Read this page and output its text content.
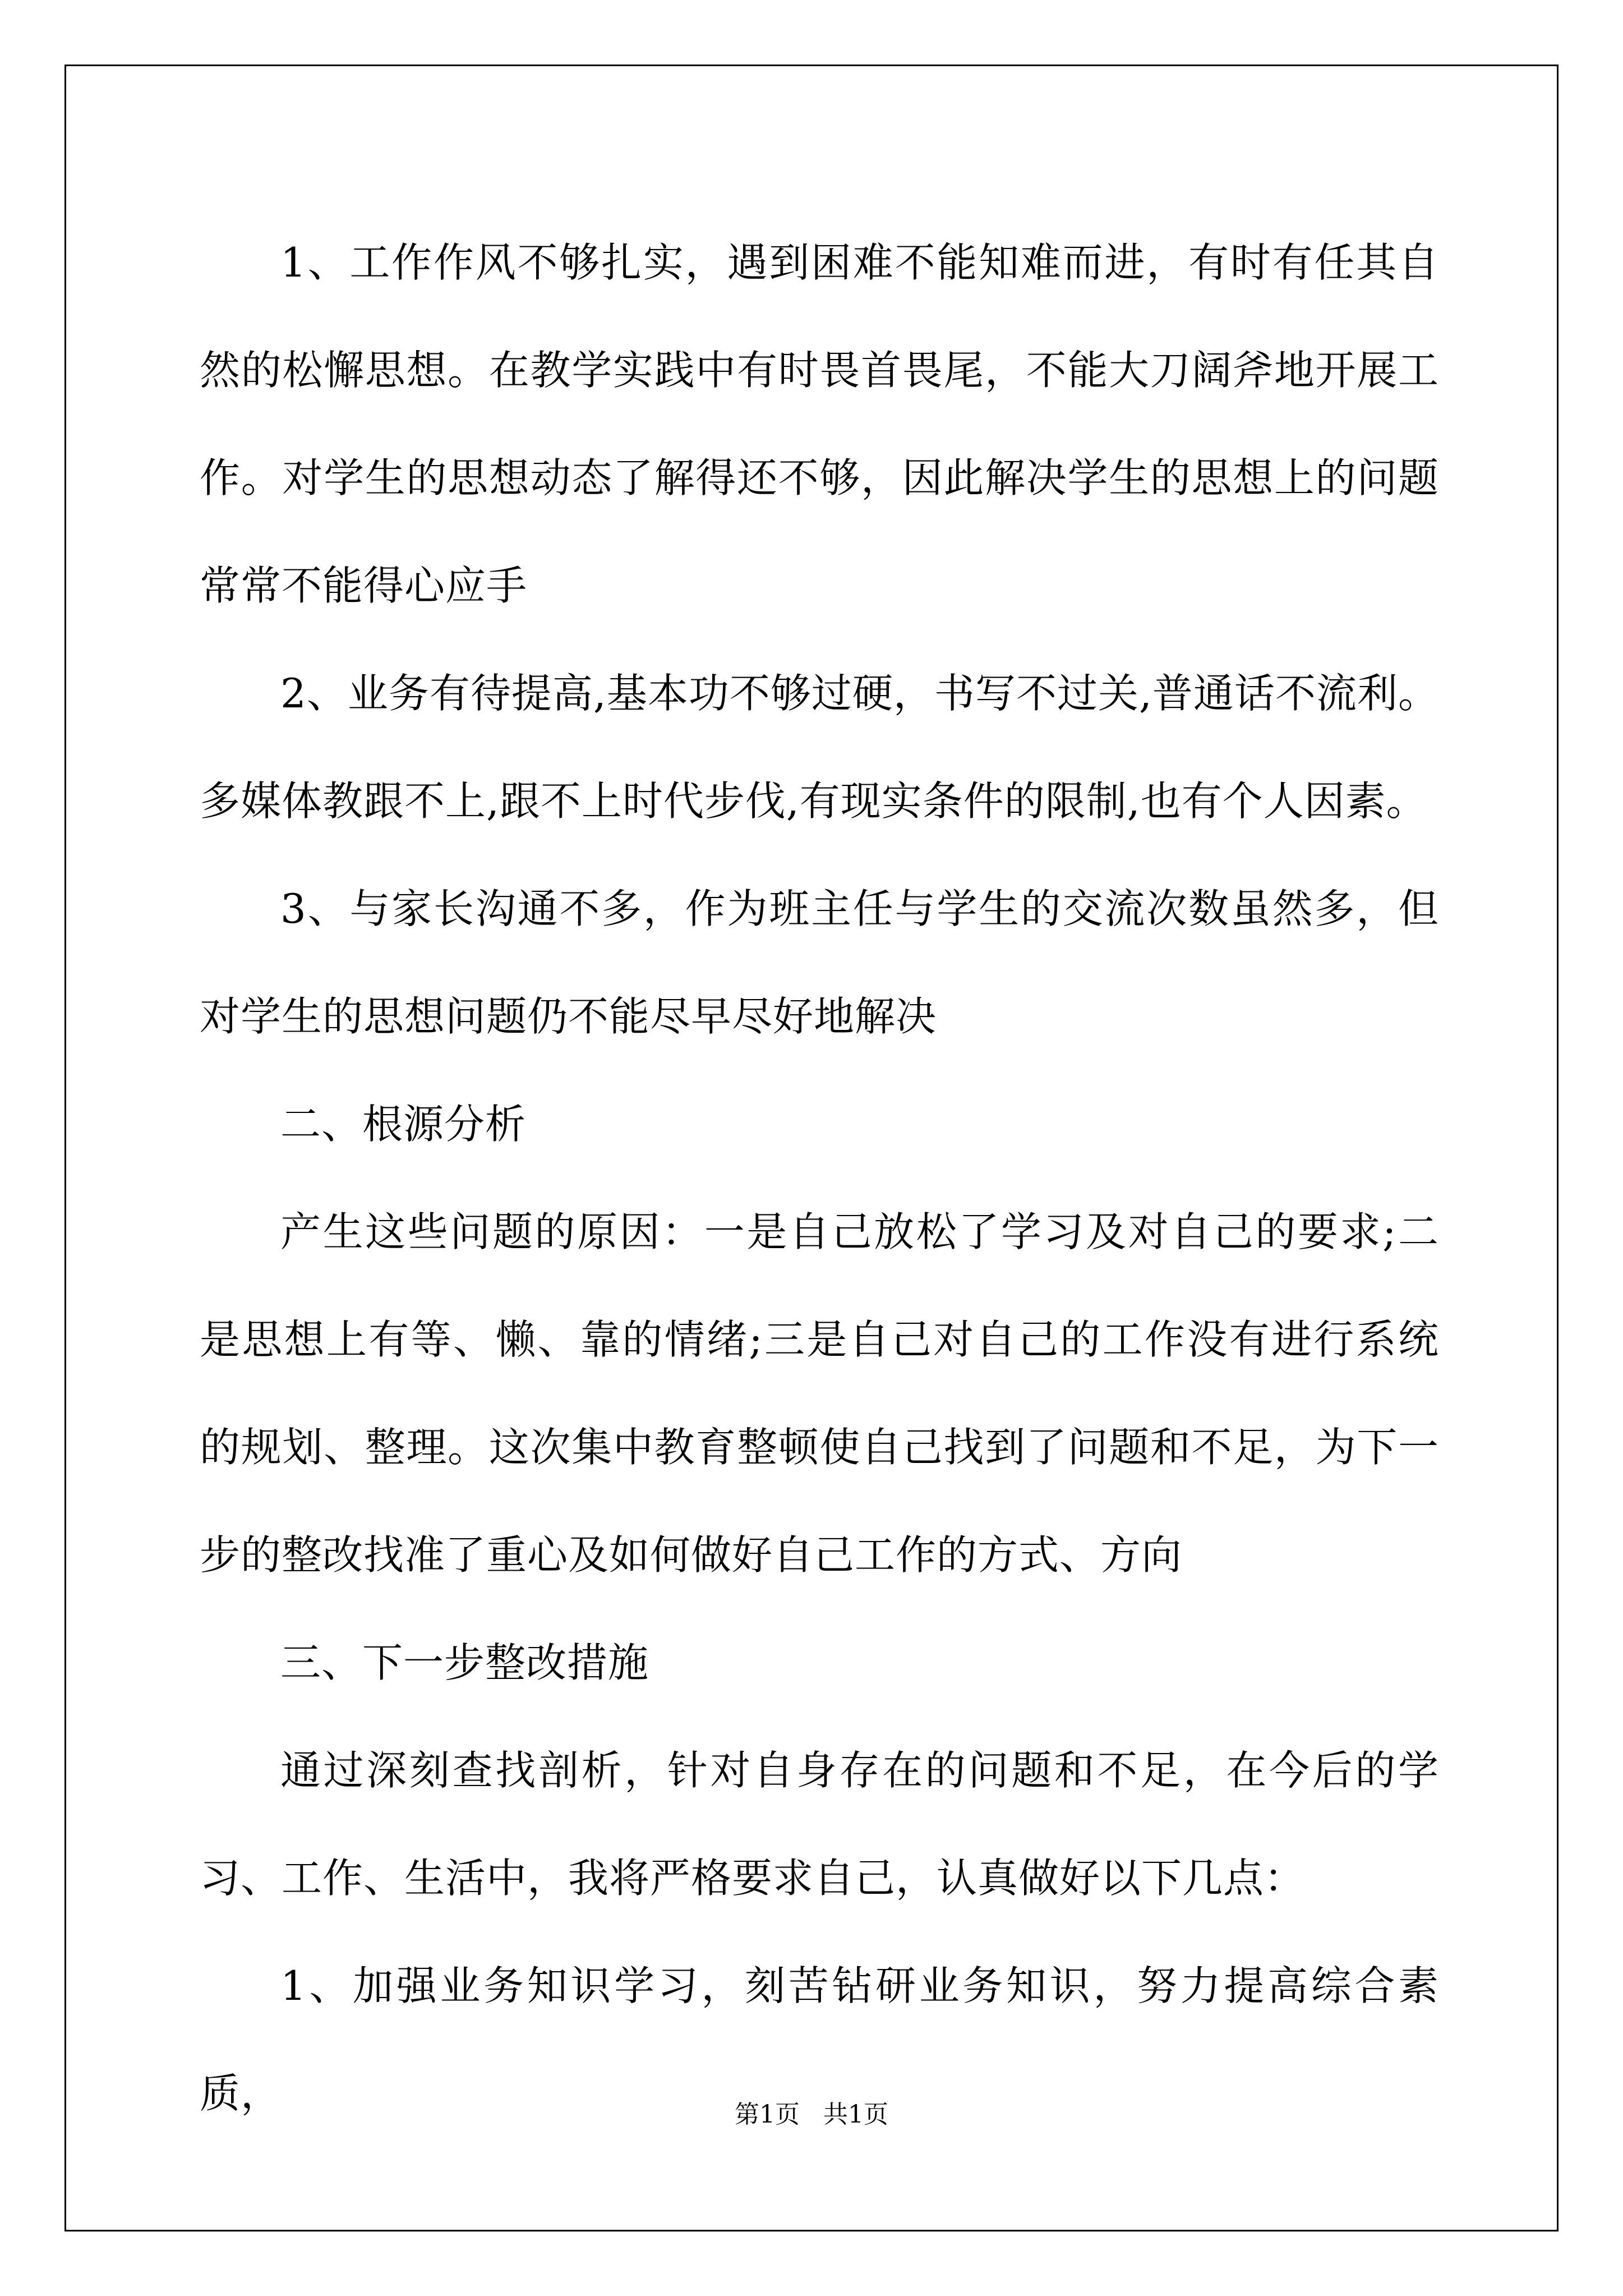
1、工作作风不够扎实，遇到困难不能知难而进，有时有任其自然的松懈思想。在教学实践中有时畏首畏尾，不能大刀阔斧地开展工作。对学生的思想动态了解得还不够，因此解决学生的思想上的问题常常不能得心应手

2、业务有待提高,基本功不够过硬，书写不过关,普通话不流利。多媒体教跟不上,跟不上时代步伐,有现实条件的限制,也有个人因素。

3、与家长沟通不多，作为班主任与学生的交流次数虽然多，但对学生的思想问题仍不能尽早尽好地解决

二、根源分析

产生这些问题的原因：一是自己放松了学习及对自己的要求;二是思想上有等、懒、靠的情绪;三是自己对自己的工作没有进行系统的规划、整理。这次集中教育整顿使自己找到了问题和不足，为下一步的整改找准了重心及如何做好自己工作的方式、方向

三、下一步整改措施

通过深刻查找剖析，针对自身存在的问题和不足，在今后的学习、工作、生活中，我将严格要求自己，认真做好以下几点：

1、加强业务知识学习，刻苦钻研业务知识，努力提高综合素质，	第1页 共1页
